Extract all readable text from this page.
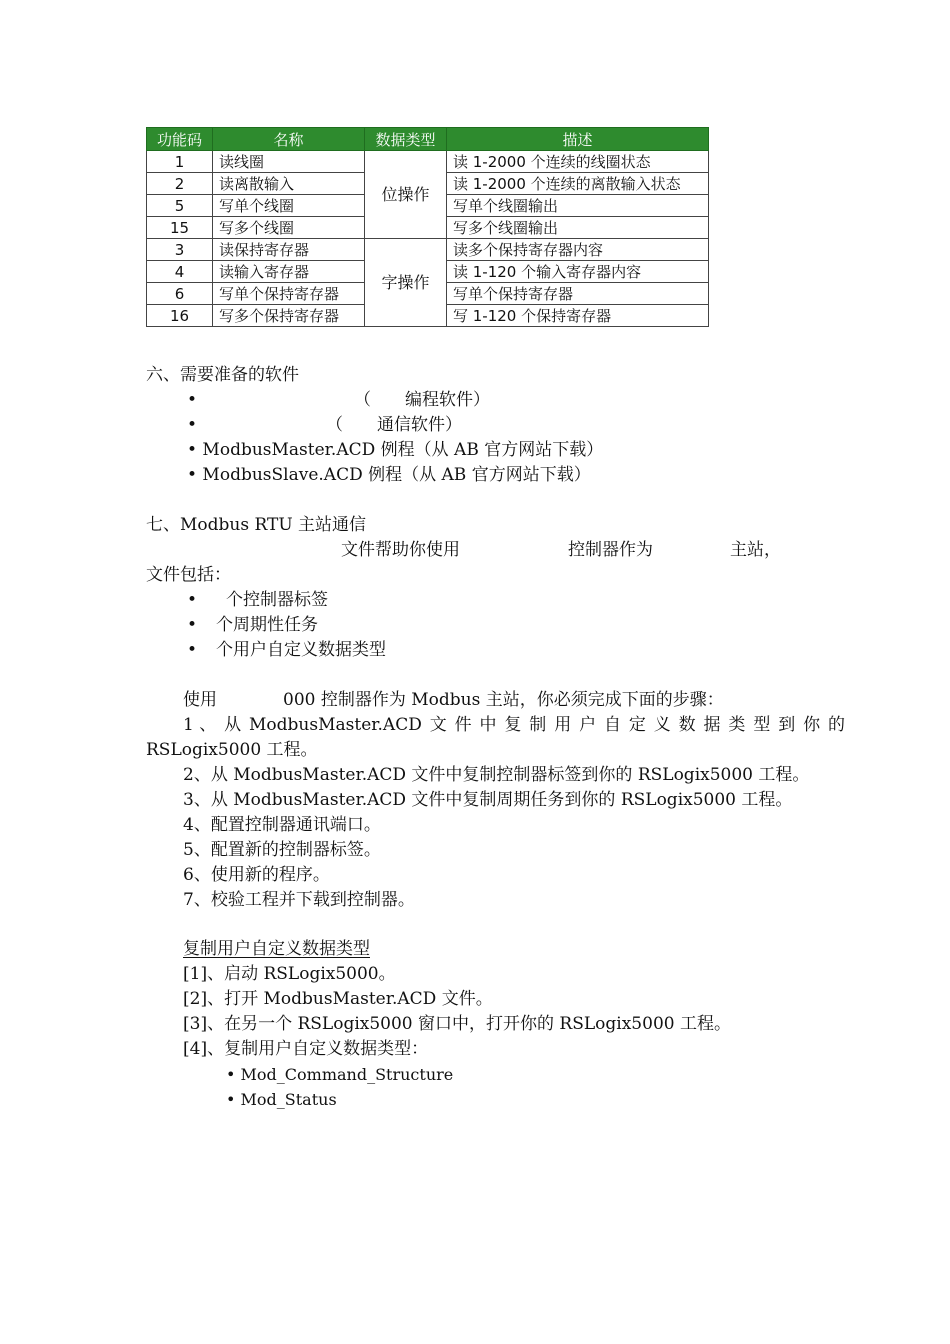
功能码	名称	数据类型	描述
1	读线圈	位操作	读 1-2000 个连续的线圈状态
2	读离散输入		读 1-2000 个连续的离散输入状态
5	写单个线圈		写单个线圈输出
15	写多个线圈		写多个线圈输出
3	读保持寄存器	字操作	读多个保持寄存器内容
4	读输入寄存器		读 1-120 个输入寄存器内容
6	写单个保持寄存器		写单个保持寄存器
16	写多个保持寄存器		写 1-120 个保持寄存器
六、需要准备的软件
•	（　　编程软件）
•	（　　通信软件）
• ModbusMaster.ACD 例程（从 AB 官方网站下载）
• ModbusSlave.ACD 例程（从 AB 官方网站下载）
七、Modbus RTU 主站通信
文件帮助你使用	控制器作为	主站，
文件包括：
• 个控制器标签
• 个周期性任务
• 个用户自定义数据类型
使用	000 控制器作为 Modbus 主站，你必须完成下面的步骤：
1 、 从 ModbusMaster.ACD 文 件 中 复 制 用 户 自 定 义 数 据 类 型 到 你 的
RSLogix5000 工程。
2、从 ModbusMaster.ACD 文件中复制控制器标签到你的 RSLogix5000 工程。
3、从 ModbusMaster.ACD 文件中复制周期任务到你的 RSLogix5000 工程。
4、配置控制器通讯端口。
5、配置新的控制器标签。
6、使用新的程序。
7、校验工程并下载到控制器。
复制用户自定义数据类型
[1]、启动 RSLogix5000。
[2]、打开 ModbusMaster.ACD 文件。
[3]、在另一个 RSLogix5000 窗口中，打开你的 RSLogix5000 工程。
[4]、复制用户自定义数据类型：
• Mod_Command_Structure
• Mod_Status
